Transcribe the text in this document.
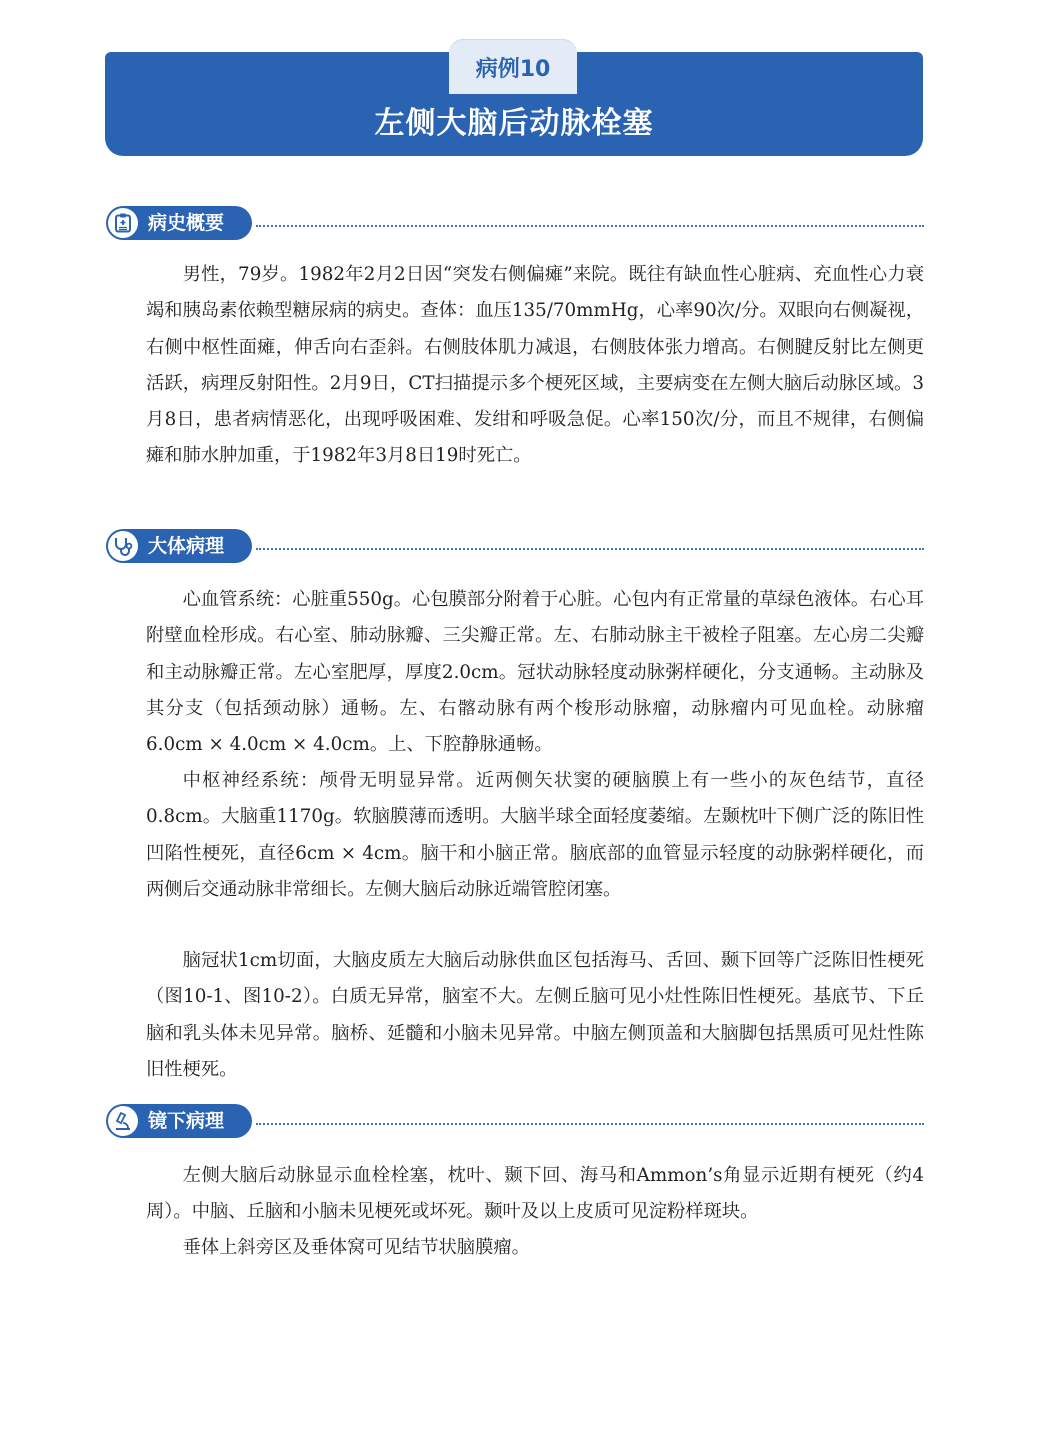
病例10
左侧大脑后动脉栓塞
病史概要

男性，79岁。1982年2月2日因“突发右侧偏瘫”来院。既往有缺血性心脏病、充血性心力衰竭和胰岛素依赖型糖尿病的病史。查体：血压135/70mmHg，心率90次/分。双眼向右侧凝视，右侧中枢性面瘫，伸舌向右歪斜。右侧肢体肌力减退，右侧肢体张力增高。右侧腱反射比左侧更活跃，病理反射阳性。2月9日，CT扫描提示多个梗死区域，主要病变在左侧大脑后动脉区域。3月8日，患者病情恶化，出现呼吸困难、发绀和呼吸急促。心率150次/分，而且不规律，右侧偏瘫和肺水肿加重，于1982年3月8日19时死亡。

大体病理

心血管系统：心脏重550g。心包膜部分附着于心脏。心包内有正常量的草绿色液体。右心耳附壁血栓形成。右心室、肺动脉瓣、三尖瓣正常。左、右肺动脉主干被栓子阻塞。左心房二尖瓣和主动脉瓣正常。左心室肥厚，厚度2.0cm。冠状动脉轻度动脉粥样硬化，分支通畅。主动脉及其分支（包括颈动脉）通畅。左、右髂动脉有两个梭形动脉瘤，动脉瘤内可见血栓。动脉瘤6.0cm × 4.0cm × 4.0cm。上、下腔静脉通畅。

中枢神经系统：颅骨无明显异常。近两侧矢状窦的硬脑膜上有一些小的灰色结节，直径0.8cm。大脑重1170g。软脑膜薄而透明。大脑半球全面轻度萎缩。左颞枕叶下侧广泛的陈旧性凹陷性梗死，直径6cm × 4cm。脑干和小脑正常。脑底部的血管显示轻度的动脉粥样硬化，而两侧后交通动脉非常细长。左侧大脑后动脉近端管腔闭塞。

脑冠状1cm切面，大脑皮质左大脑后动脉供血区包括海马、舌回、颞下回等广泛陈旧性梗死（图10-1、图10-2）。白质无异常，脑室不大。左侧丘脑可见小灶性陈旧性梗死。基底节、下丘脑和乳头体未见异常。脑桥、延髓和小脑未见异常。中脑左侧顶盖和大脑脚包括黑质可见灶性陈旧性梗死。

镜下病理

左侧大脑后动脉显示血栓栓塞，枕叶、颞下回、海马和Ammon’s角显示近期有梗死（约4周）。中脑、丘脑和小脑未见梗死或坏死。颞叶及以上皮质可见淀粉样斑块。

垂体上斜旁区及垂体窝可见结节状脑膜瘤。
